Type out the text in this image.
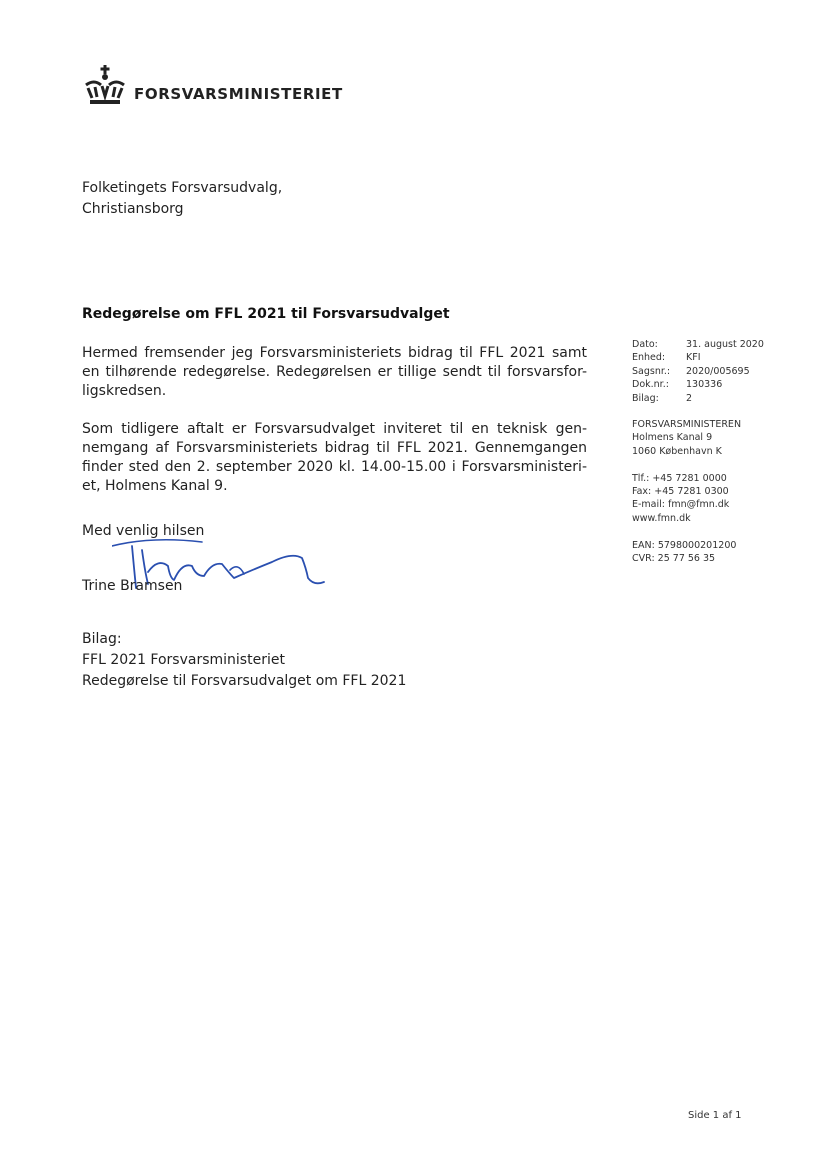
FORSVARSMINISTERIET
Folketingets Forsvarsudvalg,
Christiansborg
Redegørelse om FFL 2021 til Forsvarsudvalget

Hermed fremsender jeg Forsvarsministeriets bidrag til FFL 2021 samt en tilhørende redegørelse. Redegørelsen er tillige sendt til forsvarsfor-ligskredsen.

Som tidligere aftalt er Forsvarsudvalget inviteret til en teknisk gen-nemgang af Forsvarsministeriets bidrag til FFL 2021. Gennemgangen finder sted den 2. september 2020 kl. 14.00-15.00 i Forsvarsministeri-et, Holmens Kanal 9.

Med venlig hilsen
Trine Bramsen
Bilag:
FFL 2021 Forsvarsministeriet
Redegørelse til Forsvarsudvalget om FFL 2021
Dato:	31. august 2020
Enhed:	KFI
Sagsnr.:	2020/005695
Dok.nr.:	130336
Bilag:	2
FORSVARSMINISTEREN
Holmens Kanal 9
1060 København K
Tlf.: +45 7281 0000
Fax: +45 7281 0300
E-mail: fmn@fmn.dk
www.fmn.dk
EAN: 5798000201200
CVR: 25 77 56 35
Side 1 af 1
